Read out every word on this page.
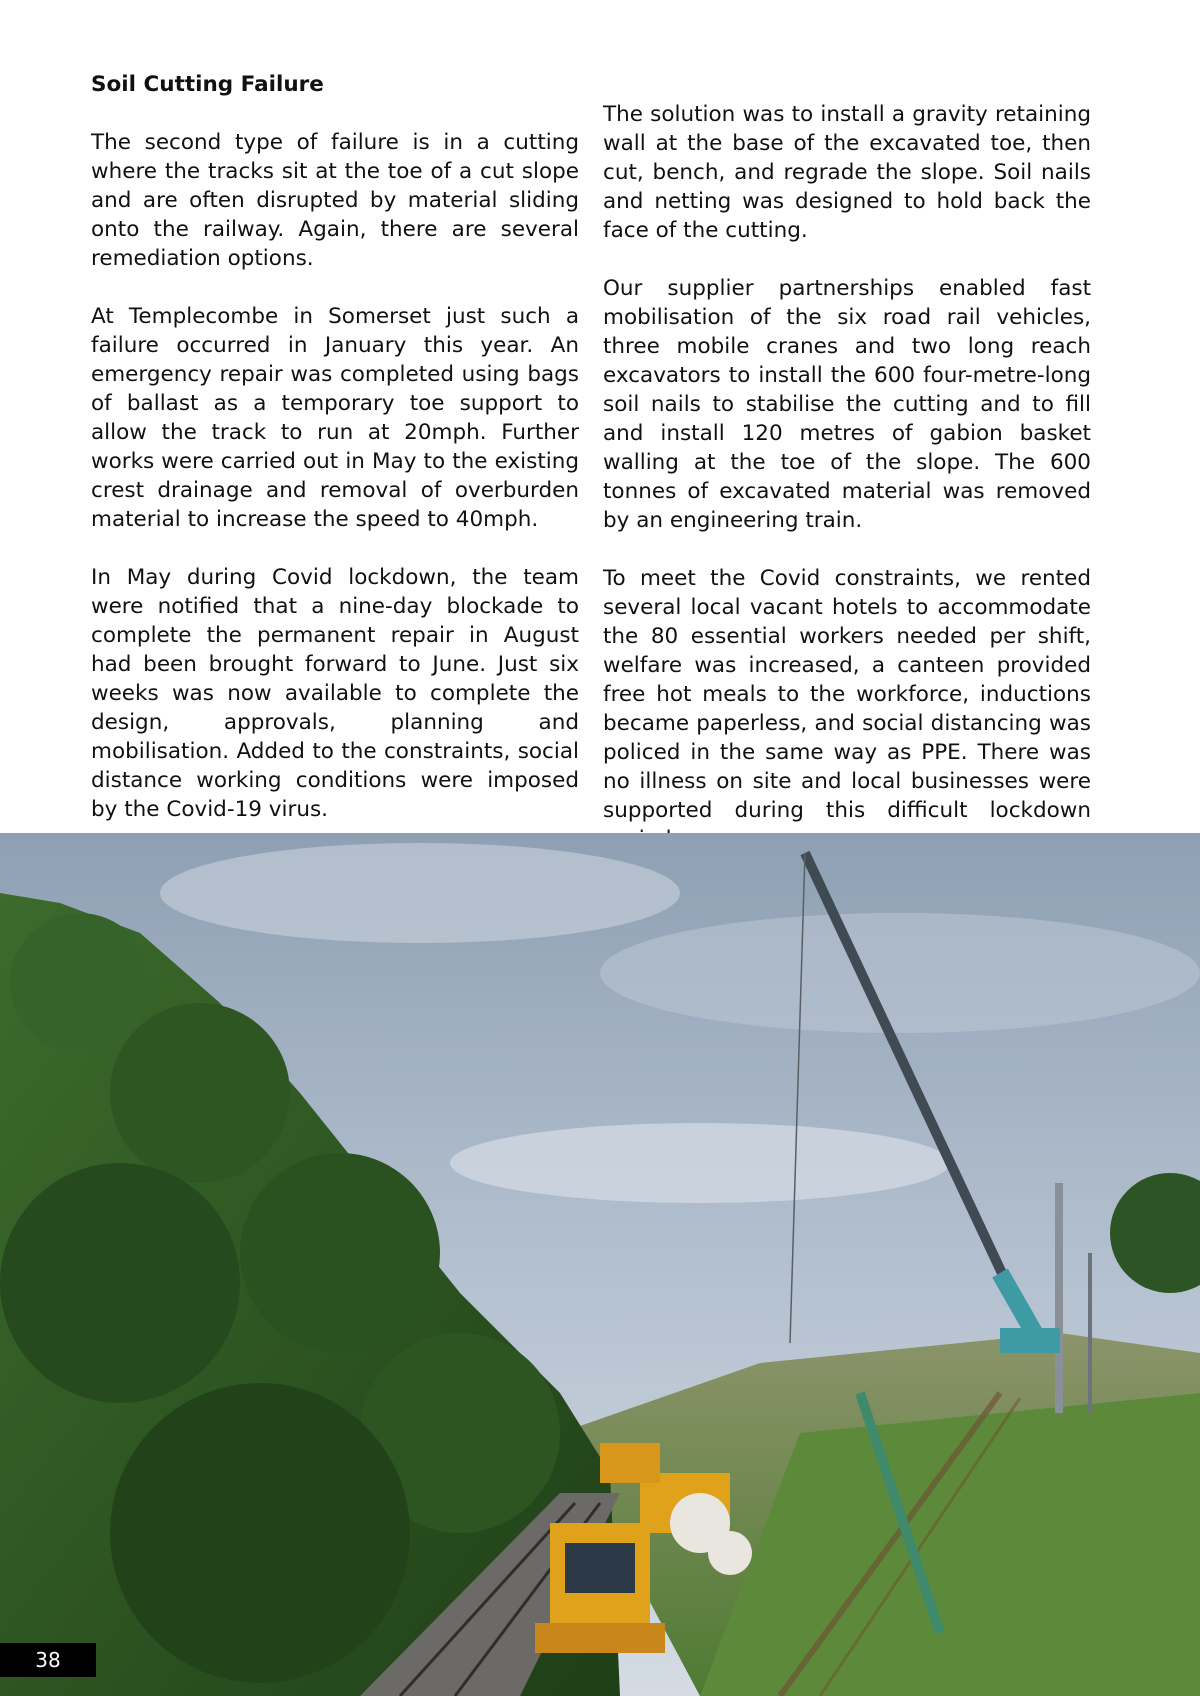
Soil Cutting Failure

The second type of failure is in a cutting where the tracks sit at the toe of a cut slope and are often disrupted by material sliding onto the railway. Again, there are several remediation options.

At Templecombe in Somerset just such a failure occurred in January this year. An emergency repair was completed using bags of ballast as a temporary toe support to allow the track to run at 20mph. Further works were carried out in May to the existing crest drainage and removal of overburden material to increase the speed to 40mph.

In May during Covid lockdown, the team were notified that a nine-day blockade to complete the permanent repair in August had been brought forward to June. Just six weeks was now available to complete the design, approvals, planning and mobilisation. Added to the constraints, social distance working conditions were imposed by the Covid-19 virus.

The solution was to install a gravity retaining wall at the base of the excavated toe, then cut, bench, and regrade the slope. Soil nails and netting was designed to hold back the face of the cutting.

Our supplier partnerships enabled fast mobilisation of the six road rail vehicles, three mobile cranes and two long reach excavators to install the 600 four-metre-long soil nails to stabilise the cutting and to fill and install 120 metres of gabion basket walling at the toe of the slope. The 600 tonnes of excavated material was removed by an engineering train.

To meet the Covid constraints, we rented several local vacant hotels to accommodate the 80 essential workers needed per shift, welfare was increased, a canteen provided free hot meals to the workforce, inductions became paperless, and social distancing was policed in the same way as PPE. There was no illness on site and local businesses were supported during this difficult lockdown

38
